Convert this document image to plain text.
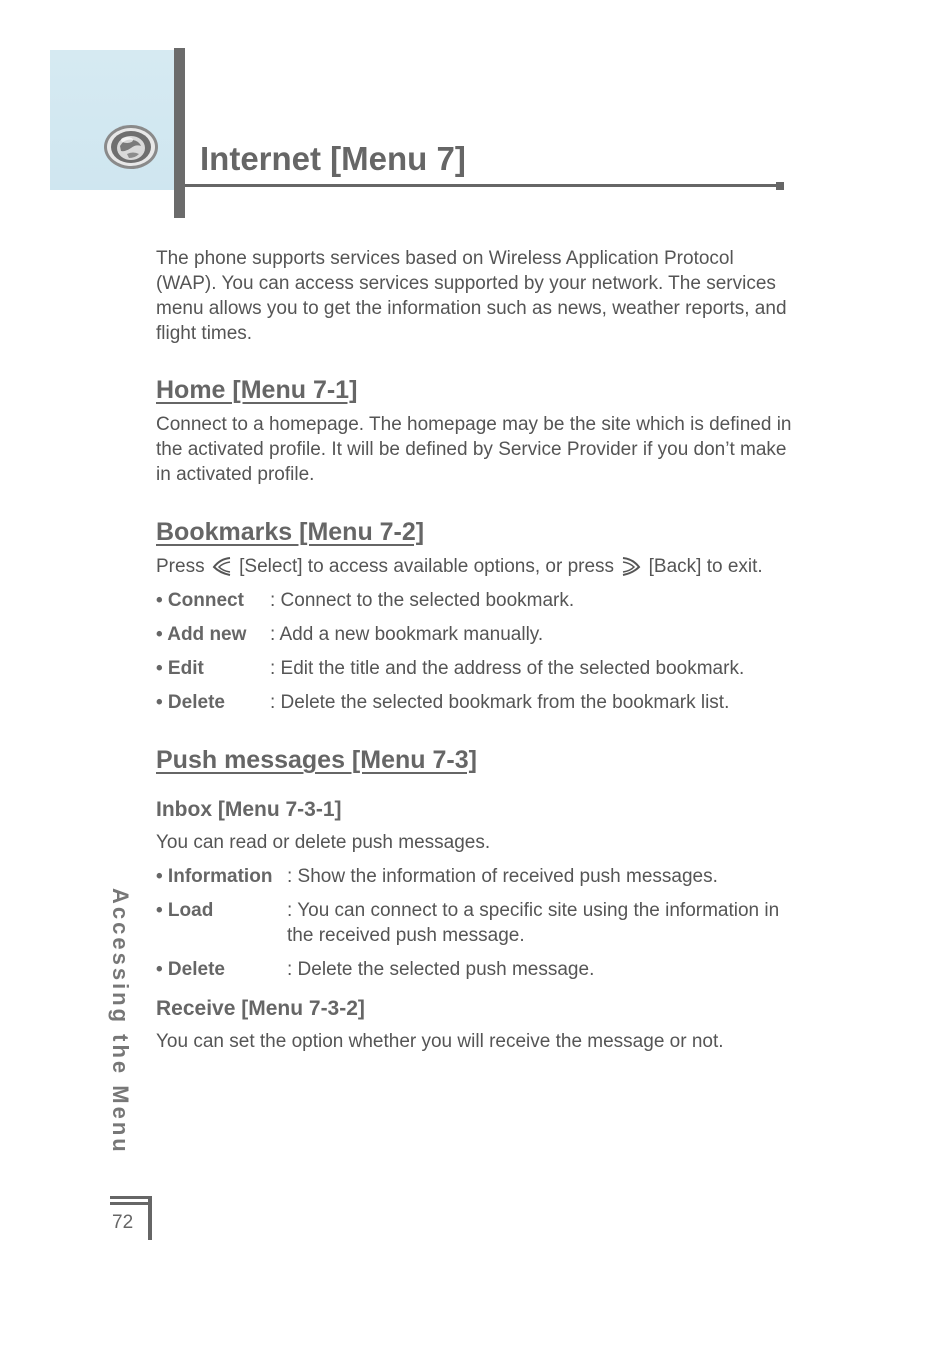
Internet [Menu 7]

The phone supports services based on Wireless Application Protocol (WAP). You can access services supported by your network. The services menu allows you to get the information such as news, weather reports, and flight times.

Home [Menu 7-1]

Connect to a homepage. The homepage may be the site which is defined in the activated profile. It will be defined by Service Provider if you don’t make in activated profile.

Bookmarks [Menu 7-2]

Press [Select] to access available options, or press [Back] to exit.

• Connect	: Connect to the selected bookmark.
• Add new	: Add a new bookmark manually.
• Edit	: Edit the title and the address of the selected bookmark.
• Delete	: Delete the selected bookmark from the bookmark list.
Push messages [Menu 7-3]
Inbox [Menu 7-3-1]

You can read or delete push messages.

• Information : Show the information of received push messages.
• Load	: You can connect to a specific site using the information in the received push message.
• Delete	: Delete the selected push message.
Receive [Menu 7-3-2]

You can set the option whether you will receive the message or not.

Accessing the Menu
72
